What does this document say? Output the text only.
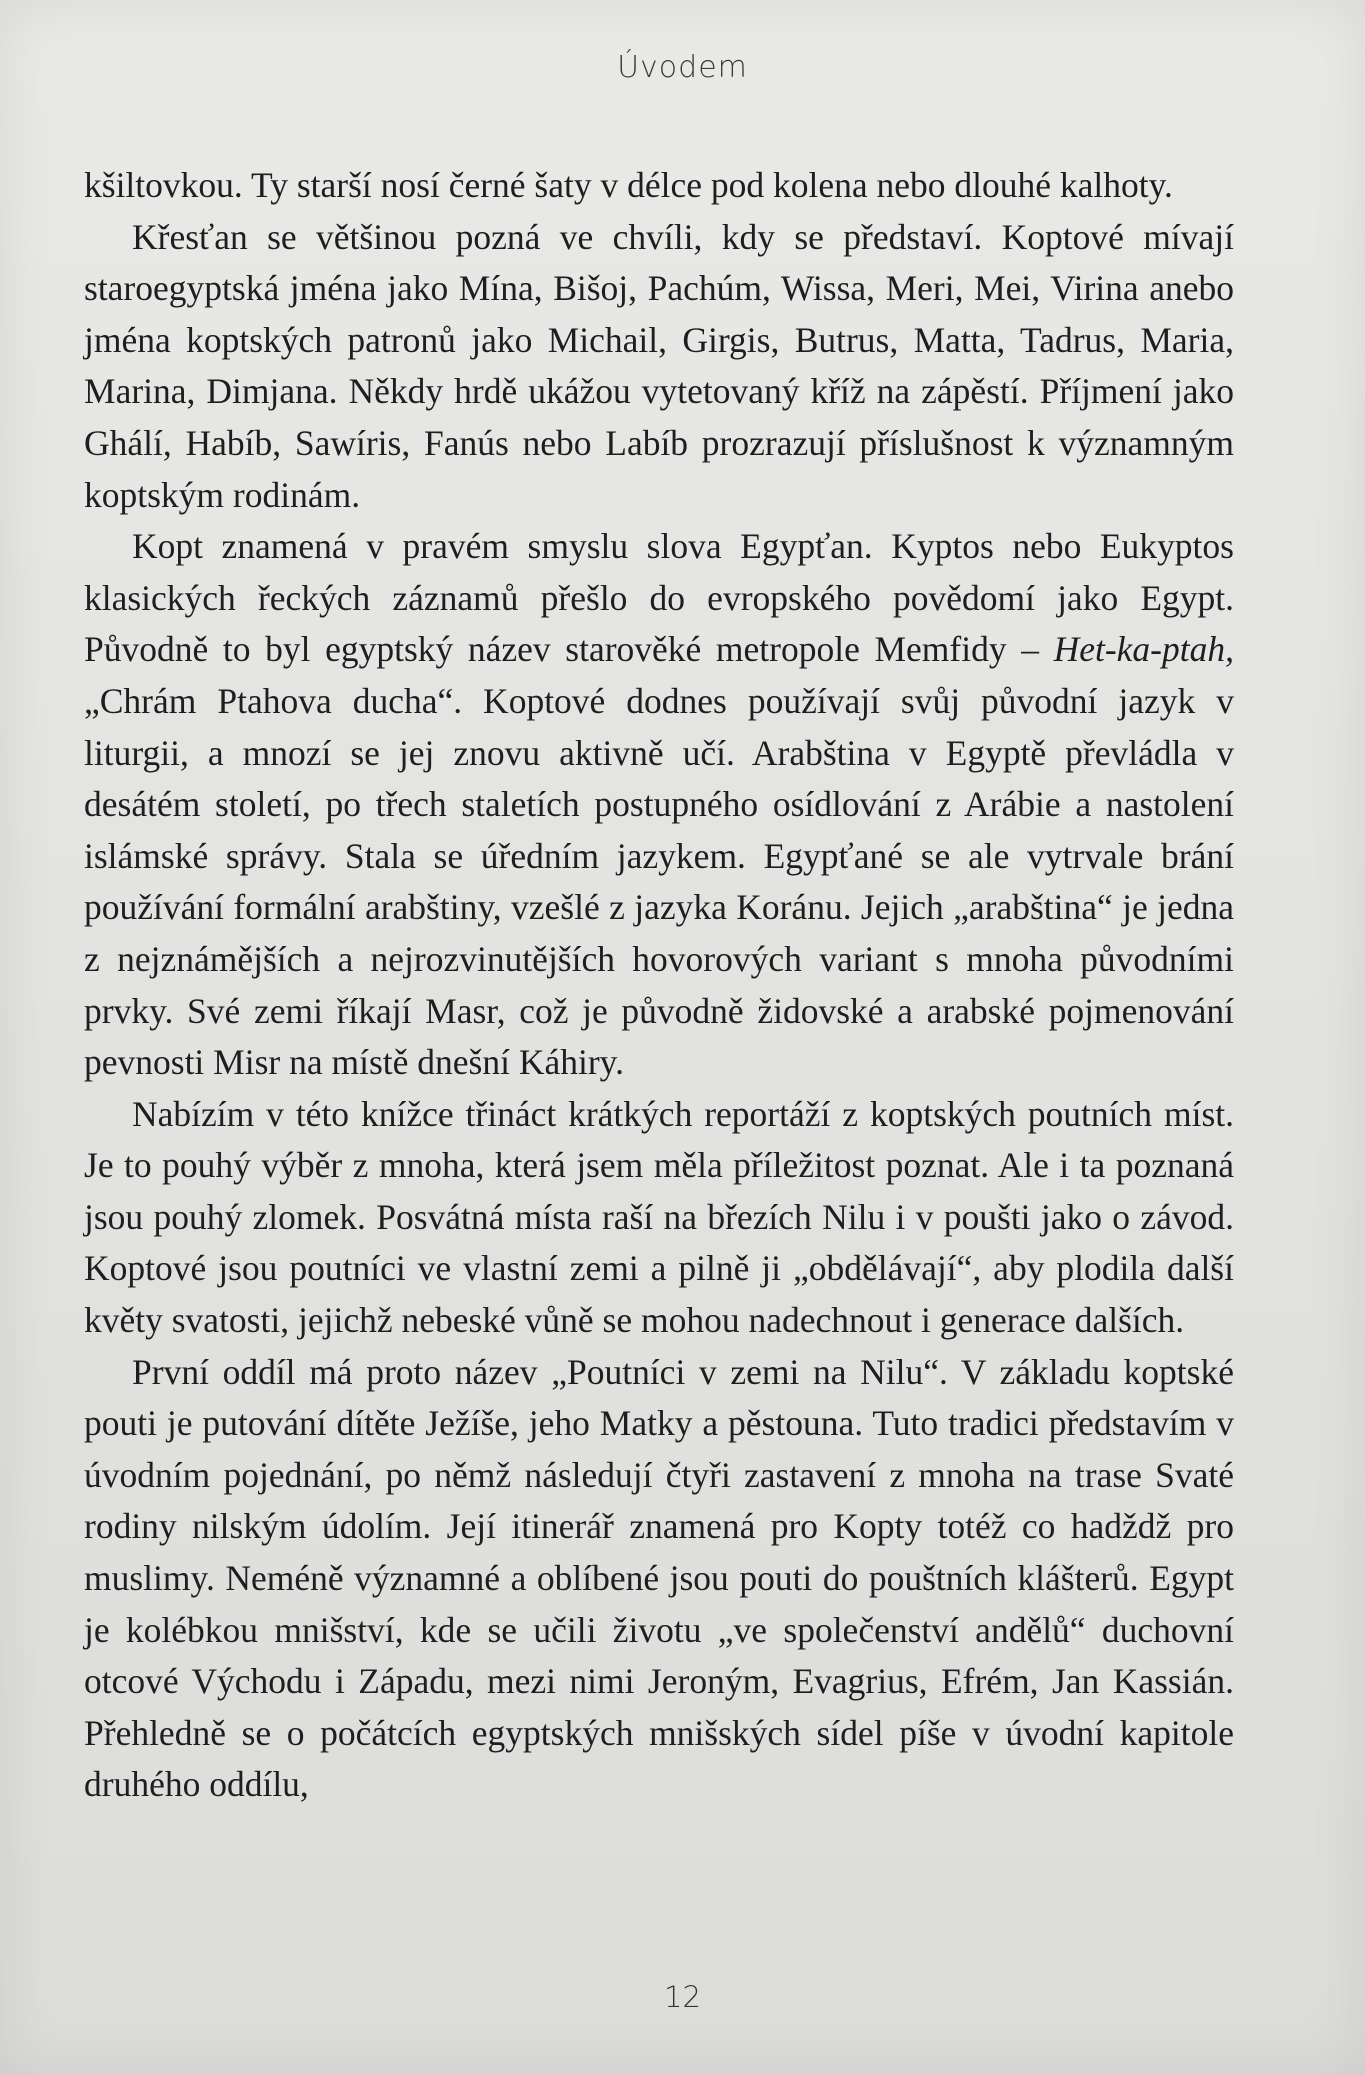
Úvodem

kšiltovkou. Ty starší nosí černé šaty v délce pod kolena nebo dlouhé kalhoty.

Křesťan se většinou pozná ve chvíli, kdy se představí. Koptové mívají staroegyptská jména jako Mína, Bišoj, Pachúm, Wissa, Meri, Mei, Virina anebo jména koptských patronů jako Michail, Girgis, Butrus, Matta, Tadrus, Maria, Marina, Dimjana. Někdy hrdě ukážou vytetovaný kříž na zápěstí. Příjmení jako Ghálí, Habíb, Sawíris, Fanús nebo Labíb prozrazují příslušnost k významným koptským rodinám.

Kopt znamená v pravém smyslu slova Egypťan. Kyptos nebo Eukyptos klasických řeckých záznamů přešlo do evropského povědomí jako Egypt. Původně to byl egyptský název starověké metropole Memfidy – Het-ka-ptah, „Chrám Ptahova ducha“. Koptové dodnes používají svůj původní jazyk v liturgii, a mnozí se jej znovu aktivně učí. Arabština v Egyptě převládla v desátém století, po třech staletích postupného osídlování z Arábie a nastolení islámské správy. Stala se úředním jazykem. Egypťané se ale vytrvale brání používání formální arabštiny, vzešlé z jazyka Koránu. Jejich „arabština“ je jedna z nejznámějších a nejrozvinutějších hovorových variant s mnoha původními prvky. Své zemi říkají Masr, což je původně židovské a arabské pojmenování pevnosti Misr na místě dnešní Káhiry.

Nabízím v této knížce třináct krátkých reportáží z koptských poutních míst. Je to pouhý výběr z mnoha, která jsem měla příležitost poznat. Ale i ta poznaná jsou pouhý zlomek. Posvátná místa raší na březích Nilu i v poušti jako o závod. Koptové jsou poutníci ve vlastní zemi a pilně ji „obdělávají“, aby plodila další květy svatosti, jejichž nebeské vůně se mohou nadechnout i generace dalších.

První oddíl má proto název „Poutníci v zemi na Nilu“. V základu koptské pouti je putování dítěte Ježíše, jeho Matky a pěstouna. Tuto tradici představím v úvodním pojednání, po němž následují čtyři zastavení z mnoha na trase Svaté rodiny nilským údolím. Její itinerář znamená pro Kopty totéž co hadždž pro muslimy. Neméně významné a oblíbené jsou pouti do pouštních klášterů. Egypt je kolébkou mnišství, kde se učili životu „ve společenství andělů“ duchovní otcové Východu i Západu, mezi nimi Jeroným, Evagrius, Efrém, Jan Kassián. Přehledně se o počátcích egyptských mnišských sídel píše v úvodní kapitole druhého oddílu,

12
